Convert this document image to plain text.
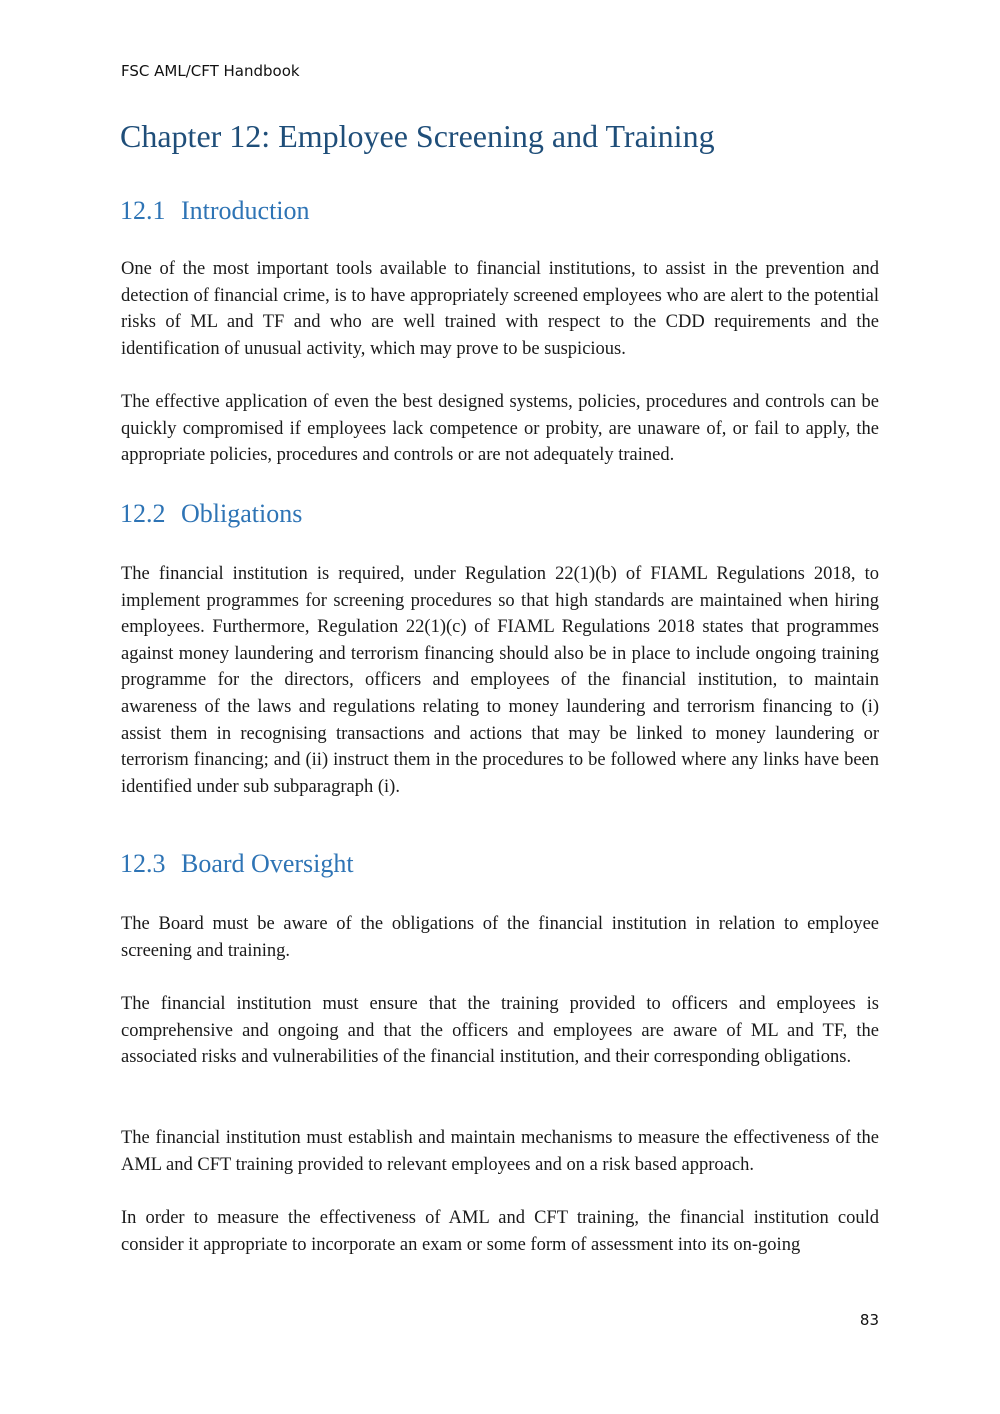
FSC AML/CFT Handbook
Chapter 12: Employee Screening and Training
12.1 Introduction

One of the most important tools available to financial institutions, to assist in the prevention and detection of financial crime, is to have appropriately screened employees who are alert to the potential risks of ML and TF and who are well trained with respect to the CDD requirements and the identification of unusual activity, which may prove to be suspicious.

The effective application of even the best designed systems, policies, procedures and controls can be quickly compromised if employees lack competence or probity, are unaware of, or fail to apply, the appropriate policies, procedures and controls or are not adequately trained.

12.2 Obligations

The financial institution is required, under Regulation 22(1)(b) of FIAML Regulations 2018, to implement programmes for screening procedures so that high standards are maintained when hiring employees. Furthermore, Regulation 22(1)(c) of FIAML Regulations 2018 states that programmes against money laundering and terrorism financing should also be in place to include ongoing training programme for the directors, officers and employees of the financial institution, to maintain awareness of the laws and regulations relating to money laundering and terrorism financing to (i) assist them in recognising transactions and actions that may be linked to money laundering or terrorism financing; and (ii) instruct them in the procedures to be followed where any links have been identified under sub subparagraph (i).

12.3 Board Oversight

The Board must be aware of the obligations of the financial institution in relation to employee screening and training.

The financial institution must ensure that the training provided to officers and employees is comprehensive and ongoing and that the officers and employees are aware of ML and TF, the associated risks and vulnerabilities of the financial institution, and their corresponding obligations.

The financial institution must establish and maintain mechanisms to measure the effectiveness of the AML and CFT training provided to relevant employees and on a risk based approach.

In order to measure the effectiveness of AML and CFT training, the financial institution could consider it appropriate to incorporate an exam or some form of assessment into its on-going

83
